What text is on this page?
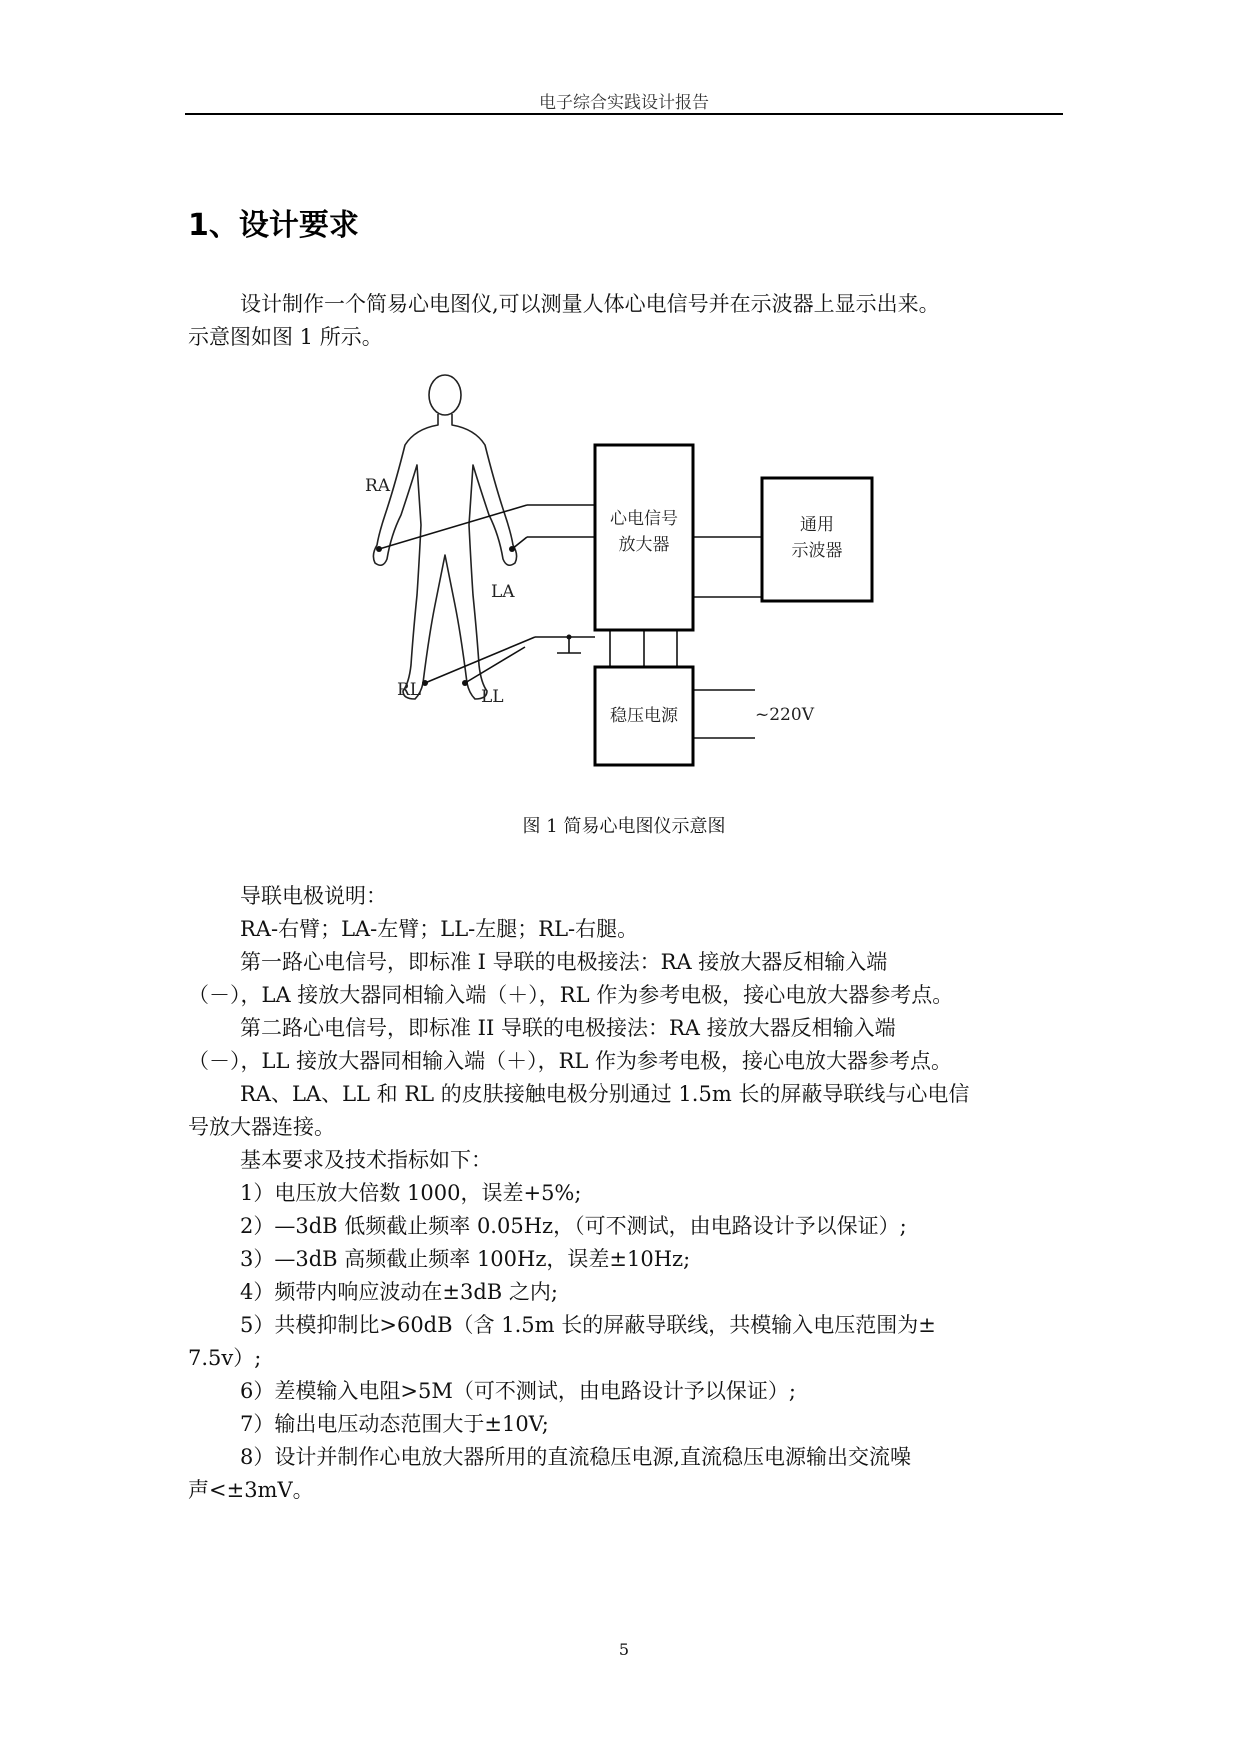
电子综合实践设计报告
1、设计要求
设计制作一个简易心电图仪,可以测量人体心电信号并在示波器上显示出来。
示意图如图 1 所示。
RA
LA
RL	LL
心电信号
放大器
通用
示波器
稳压电源	~220V
图 1 简易心电图仪示意图
导联电极说明：
RA-右臂；LA-左臂；LL-左腿；RL-右腿。
第一路心电信号，即标准 I 导联的电极接法：RA 接放大器反相输入端
（－），LA 接放大器同相输入端（＋），RL 作为参考电极，接心电放大器参考点。
第二路心电信号，即标准 II 导联的电极接法：RA 接放大器反相输入端
（－），LL 接放大器同相输入端（＋），RL 作为参考电极，接心电放大器参考点。
RA、LA、LL 和 RL 的皮肤接触电极分别通过 1.5m 长的屏蔽导联线与心电信
号放大器连接。
基本要求及技术指标如下：
1）电压放大倍数 1000，误差+5%;
2）—3dB 低频截止频率 0.05Hz，（可不测试，由电路设计予以保证）;
3）—3dB 高频截止频率 100Hz，误差±10Hz;
4）频带内响应波动在±3dB 之内;
5）共模抑制比>60dB（含 1.5m 长的屏蔽导联线，共模输入电压范围为±
7.5v）;
6）差模输入电阻>5M（可不测试，由电路设计予以保证）;
7）输出电压动态范围大于±10V;
8）设计并制作心电放大器所用的直流稳压电源,直流稳压电源输出交流噪
声<±3mV。
5
